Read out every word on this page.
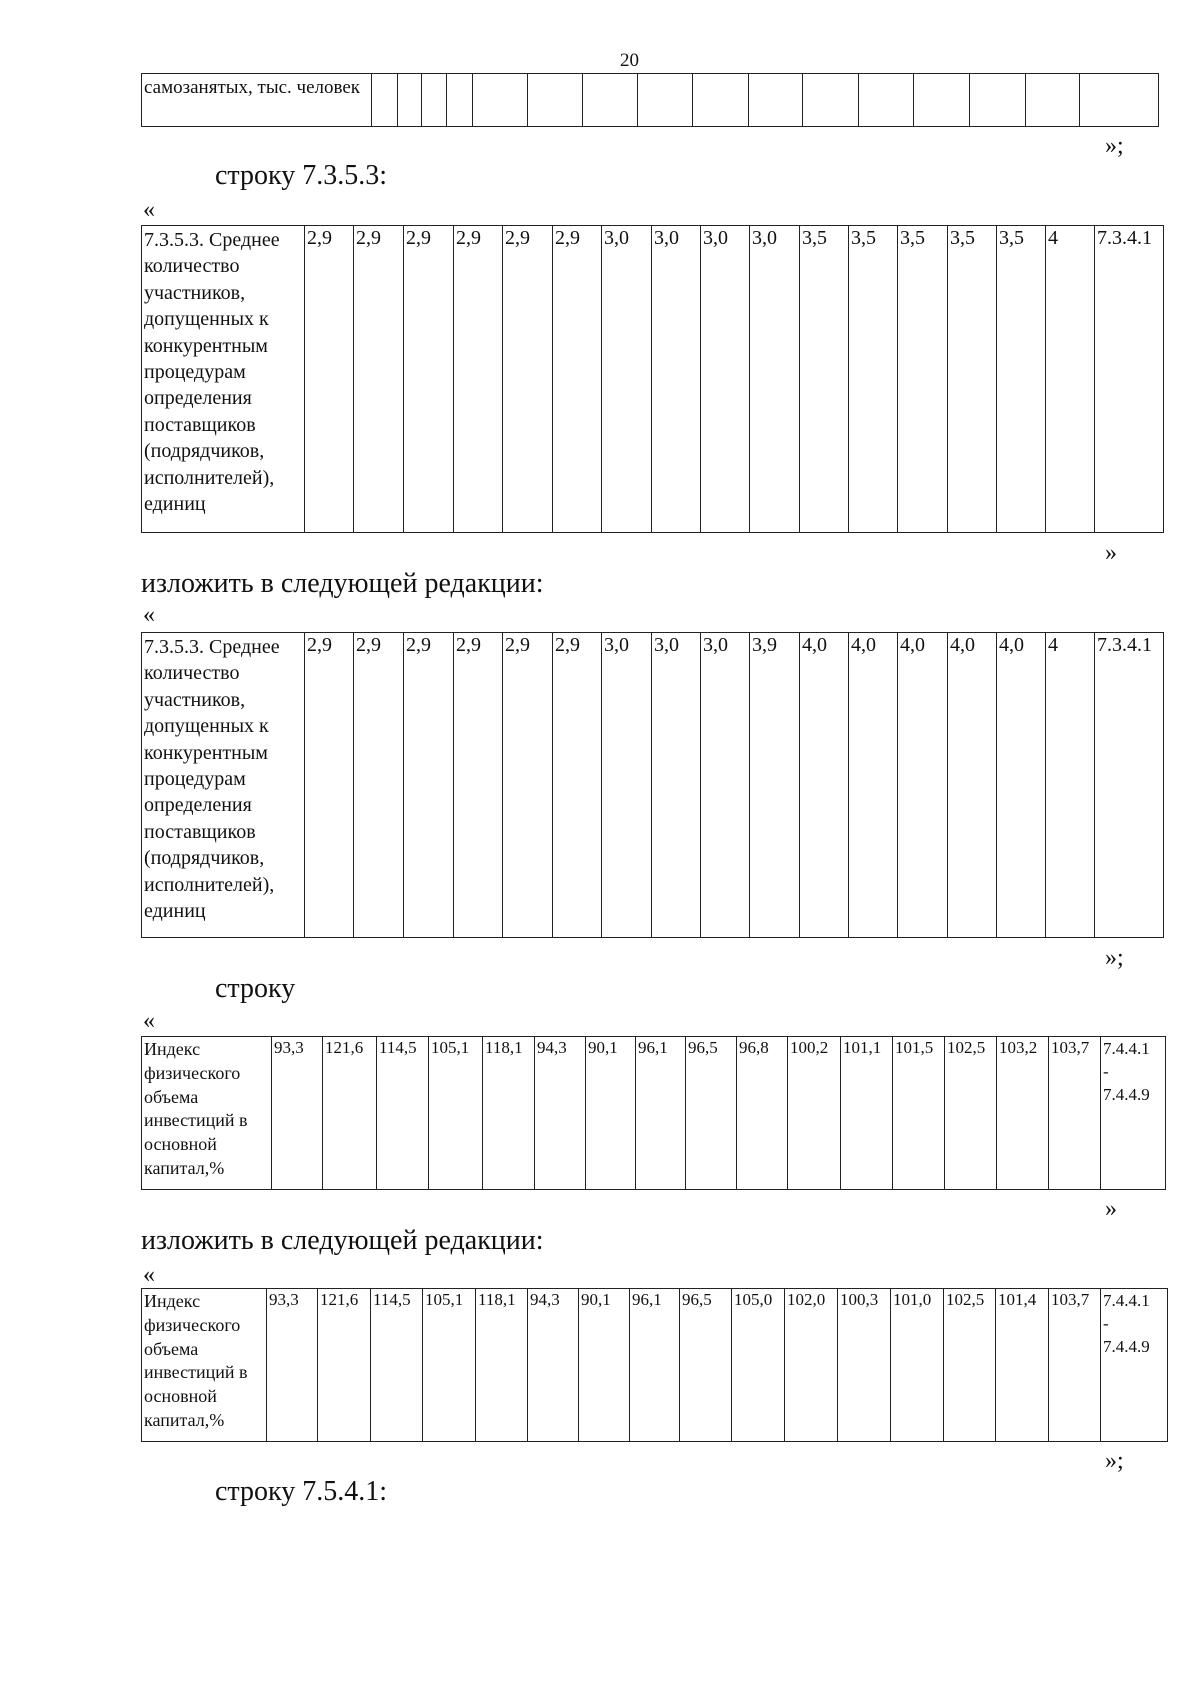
20
самозанятых, тыс. человек																
»;
строку 7.3.5.3:
«
7.3.5.3. Среднее количество участников, допущенных к конкурентным процедурам определения поставщиков (подрядчиков, исполнителей), единиц	2,9	2,9	2,9	2,9	2,9	2,9	3,0	3,0	3,0	3,0	3,5	3,5	3,5	3,5	3,5	4	7.3.4.1
»
изложить в следующей редакции:
«
7.3.5.3. Среднее количество участников, допущенных к конкурентным процедурам определения поставщиков (подрядчиков, исполнителей), единиц	2,9	2,9	2,9	2,9	2,9	2,9	3,0	3,0	3,0	3,9	4,0	4,0	4,0	4,0	4,0	4	7.3.4.1
»;
строку
«
Индекс физического объема инвестиций в основной капитал,%	93,3	121,6	114,5	105,1	118,1	94,3	90,1	96,1	96,5	96,8	100,2	101,1	101,5	102,5	103,2	103,7	7.4.4.1
-
7.4.4.9
»
изложить в следующей редакции:
«
Индекс физического объема инвестиций в основной капитал,%	93,3	121,6	114,5	105,1	118,1	94,3	90,1	96,1	96,5	105,0	102,0	100,3	101,0	102,5	101,4	103,7	7.4.4.1
-
7.4.4.9
»;
строку 7.5.4.1:
